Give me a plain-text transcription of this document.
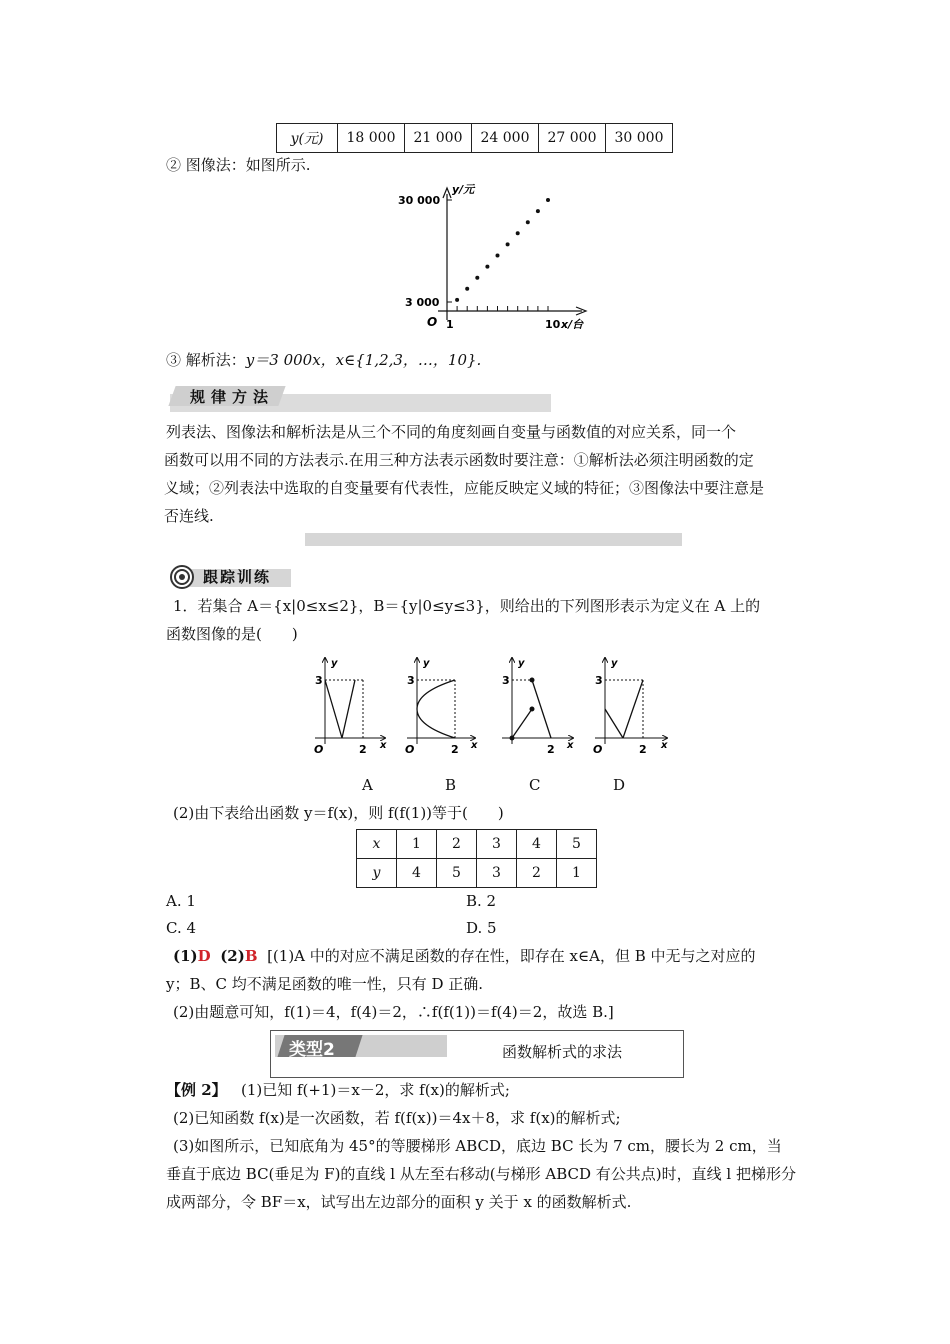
y(元)	18 000	21 000	24 000	27 000	30 000
② 图像法：如图所示.
y/元
30 000
3 000
O 1	10 x/台
③ 解析法：y＝3 000x，x∈{1,2,3，…，10}.
规律方法
列表法、图像法和解析法是从三个不同的角度刻画自变量与函数值的对应关系，同一个
函数可以用不同的方法表示.在用三种方法表示函数时要注意：①解析法必须注明函数的定
义域；②列表法中选取的自变量要有代表性，应能反映定义域的特征；③图像法中要注意是
否连线.
跟踪训练
1．若集合 A＝{x|0≤x≤2}，B＝{y|0≤y≤3}，则给出的下列图形表示为定义在 A 上的
函数图像的是(　　)
y
3
O	2 x
y
3
O	2 x
y
3
2 x
y
3
O	2 x
A	B	C	D
(2)由下表给出函数 y＝f(x)，则 f(f(1))等于(　　)
x	1	2	3	4	5
y	4	5	3	2	1
A. 1	B. 2
C. 4	D. 5
(1)D (2)B [(1)A 中的对应不满足函数的存在性，即存在 x∈A，但 B 中无与之对应的
y；B、C 均不满足函数的唯一性，只有 D 正确.
(2)由题意可知，f(1)＝4，f(4)＝2，∴f(f(1))＝f(4)＝2，故选 B.]
类型2	函数解析式的求法
【例 2】 (1)已知 f(+1)＝x－2，求 f(x)的解析式;
(2)已知函数 f(x)是一次函数，若 f(f(x))＝4x＋8，求 f(x)的解析式;
(3)如图所示，已知底角为 45°的等腰梯形 ABCD，底边 BC 长为 7 cm，腰长为 2 cm，当
垂直于底边 BC(垂足为 F)的直线 l 从左至右移动(与梯形 ABCD 有公共点)时，直线 l 把梯形分
成两部分，令 BF＝x，试写出左边部分的面积 y 关于 x 的函数解析式.
